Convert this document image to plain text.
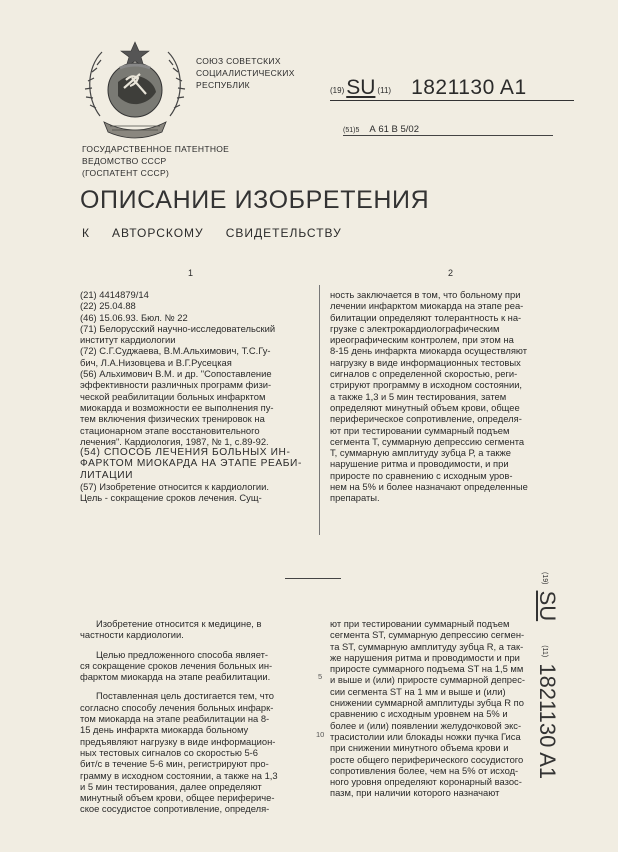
СОЮЗ СОВЕТСКИХ
СОЦИАЛИСТИЧЕСКИХ
РЕСПУБЛИК
(19)SU (11) 1821130 A1
(51)5 А 61 В 5/02
ГОСУДАРСТВЕННОЕ ПАТЕНТНОЕ
ВЕДОМСТВО СССР
(ГОСПАТЕНТ СССР)
ОПИСАНИЕ ИЗОБРЕТЕНИЯ
К АВТОРСКОМУ СВИДЕТЕЛЬСТВУ
1	2
(21) 4414879/14
(22) 25.04.88
(46) 15.06.93. Бюл. № 22
(71) Белорусский научно-исследовательский
институт кардиологии
(72) С.Г.Суджаева, В.М.Альхимович, Т.С.Гу-
бич, Л.А.Низовцева и В.Г.Русецкая
(56) Альхимович В.М. и др. "Сопоставление
эффективности различных программ физи-
ческой реабилитации больных инфарктом
миокарда и возможности ее выполнения пу-
тем включения физических тренировок на
стационарном этапе восстановительного
лечения". Кардиология, 1987, № 1, с.89-92.
(54) СПОСОБ ЛЕЧЕНИЯ БОЛЬНЫХ ИН-
ФАРКТОМ МИОКАРДА НА ЭТАПЕ РЕАБИ-
ЛИТАЦИИ
(57) Изобретение относится к кардиологии.
Цель - сокращение сроков лечения. Сущ-
ность заключается в том, что больному при
лечении инфарктом миокарда на этапе реа-
билитации определяют толерантность к на-
грузке с электрокардиологрaфическим
иреографическим контролем, при этом на
8-15 день инфаркта миокарда осуществляют
нагрузку в виде информационных тестовых
сигналов с определенной скоростью, реги-
стрируют программу в исходном состоянии,
а также 1,3 и 5 мин тестирования, затем
определяют минутный объем крови, общее
периферическое сопротивление, определя-
ют при тестировании суммарный подъем
сегмента Т, суммарную депрессию сегмента
Т, суммарную амплитуду зубца Р, а также
нарушение ритма и проводимости, и при
приросте по сравнению с исходным уров-
нем на 5% и более назначают определенные
препараты.
Изобретение относится к медицине, в
частности кардиологии.
Целью предложенного способа являет-
ся сокращение сроков лечения больных ин-
фарктом миокарда на этапе реабилитации.
Поставленная цель достигается тем, что
согласно способу лечения больных инфарк-
том миокарда на этапе реабилитации на 8-
15 день инфаркта миокарда больному
предъявляют нагрузку в виде информацион-
ных тестовых сигналов со скоростью 5-6
бит/с в течение 5-6 мин, регистрируют про-
грамму в исходном состоянии, а также на 1,3
и 5 мин тестирования, далее определяют
минутный объем крови, общее перифериче-
ское сосудистое сопротивление, определя-
5
10
ют при тестировании суммарный подъем
сегмента ST, суммарную депрессию сегмен-
та ST, суммарную амплитуду зубца R, а так-
же нарушения ритма и проводимости и при
приросте суммарного подъема ST на 1,5 мм
и выше и (или) приросте суммарной депрес-
сии сегмента ST на 1 мм и выше и (или)
снижении суммарной амплитуды зубца R по
сравнению с исходным уровнем на 5% и
более и (или) появлении желудочковой экс-
трасистолии или блокады ножки пучка Гиса
при снижении минутного объема крови и
росте общего периферического сосудистого
сопротивления более, чем на 5% от исход-
ного уровня определяют коронарный вазос-
пазм, при наличии которого назначают
(19) SU (11) 1821130 A1
